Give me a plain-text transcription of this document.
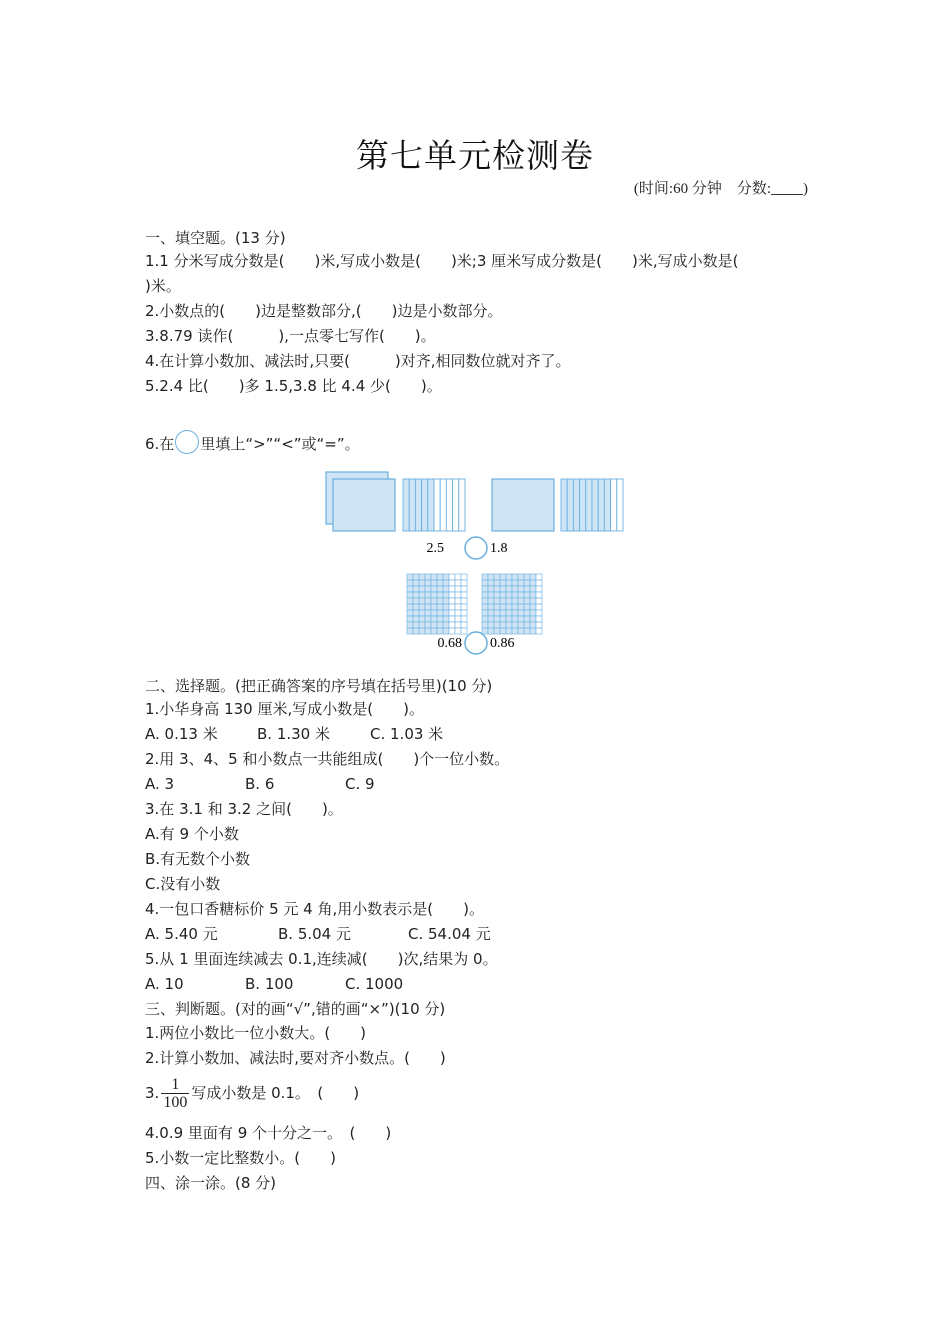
第七单元检测卷
(时间:60 分钟　分数: )
一、填空题。(13 分)
1.1 分米写成分数是(　　)米,写成小数是(　　)米;3 厘米写成分数是(　　)米,写成小数是(
)米。
2.小数点的(　　)边是整数部分,(　　)边是小数部分。
3.8.79 读作(　　　),一点零七写作(　　)。
4.在计算小数加、减法时,只要(　　　)对齐,相同数位就对齐了。
5.2.4 比(　　)多 1.5,3.8 比 4.4 少(　　)。
6.在 里填上“>”“<”或“=”。
2.5	1.8
0.68 0.86
二、选择题。(把正确答案的序号填在括号里)(10 分)
1.小华身高 130 厘米,写成小数是(　　)。
A. 0.13 米	B. 1.30 米	C. 1.03 米
2.用 3、4、5 和小数点一共能组成(　　)个一位小数。
A. 3	B. 6	C. 9
3.在 3.1 和 3.2 之间(　　)。
A.有 9 个小数
B.有无数个小数
C.没有小数
4.一包口香糖标价 5 元 4 角,用小数表示是(　　)。
A. 5.40 元	B. 5.04 元	C. 54.04 元
5.从 1 里面连续减去 0.1,连续减(　　)次,结果为 0。
A. 10	B. 100	C. 1000
三、判断题。(对的画“√”,错的画“×”)(10 分)
1.两位小数比一位小数大。(　　)
2.计算小数加、减法时,要对齐小数点。(　　)
3. $\frac{1}{100}$ 写成小数是 0.1。　(　　)
4.0.9 里面有 9 个十分之一。　(　　)
5.小数一定比整数小。(　　)
四、涂一涂。(8 分)
